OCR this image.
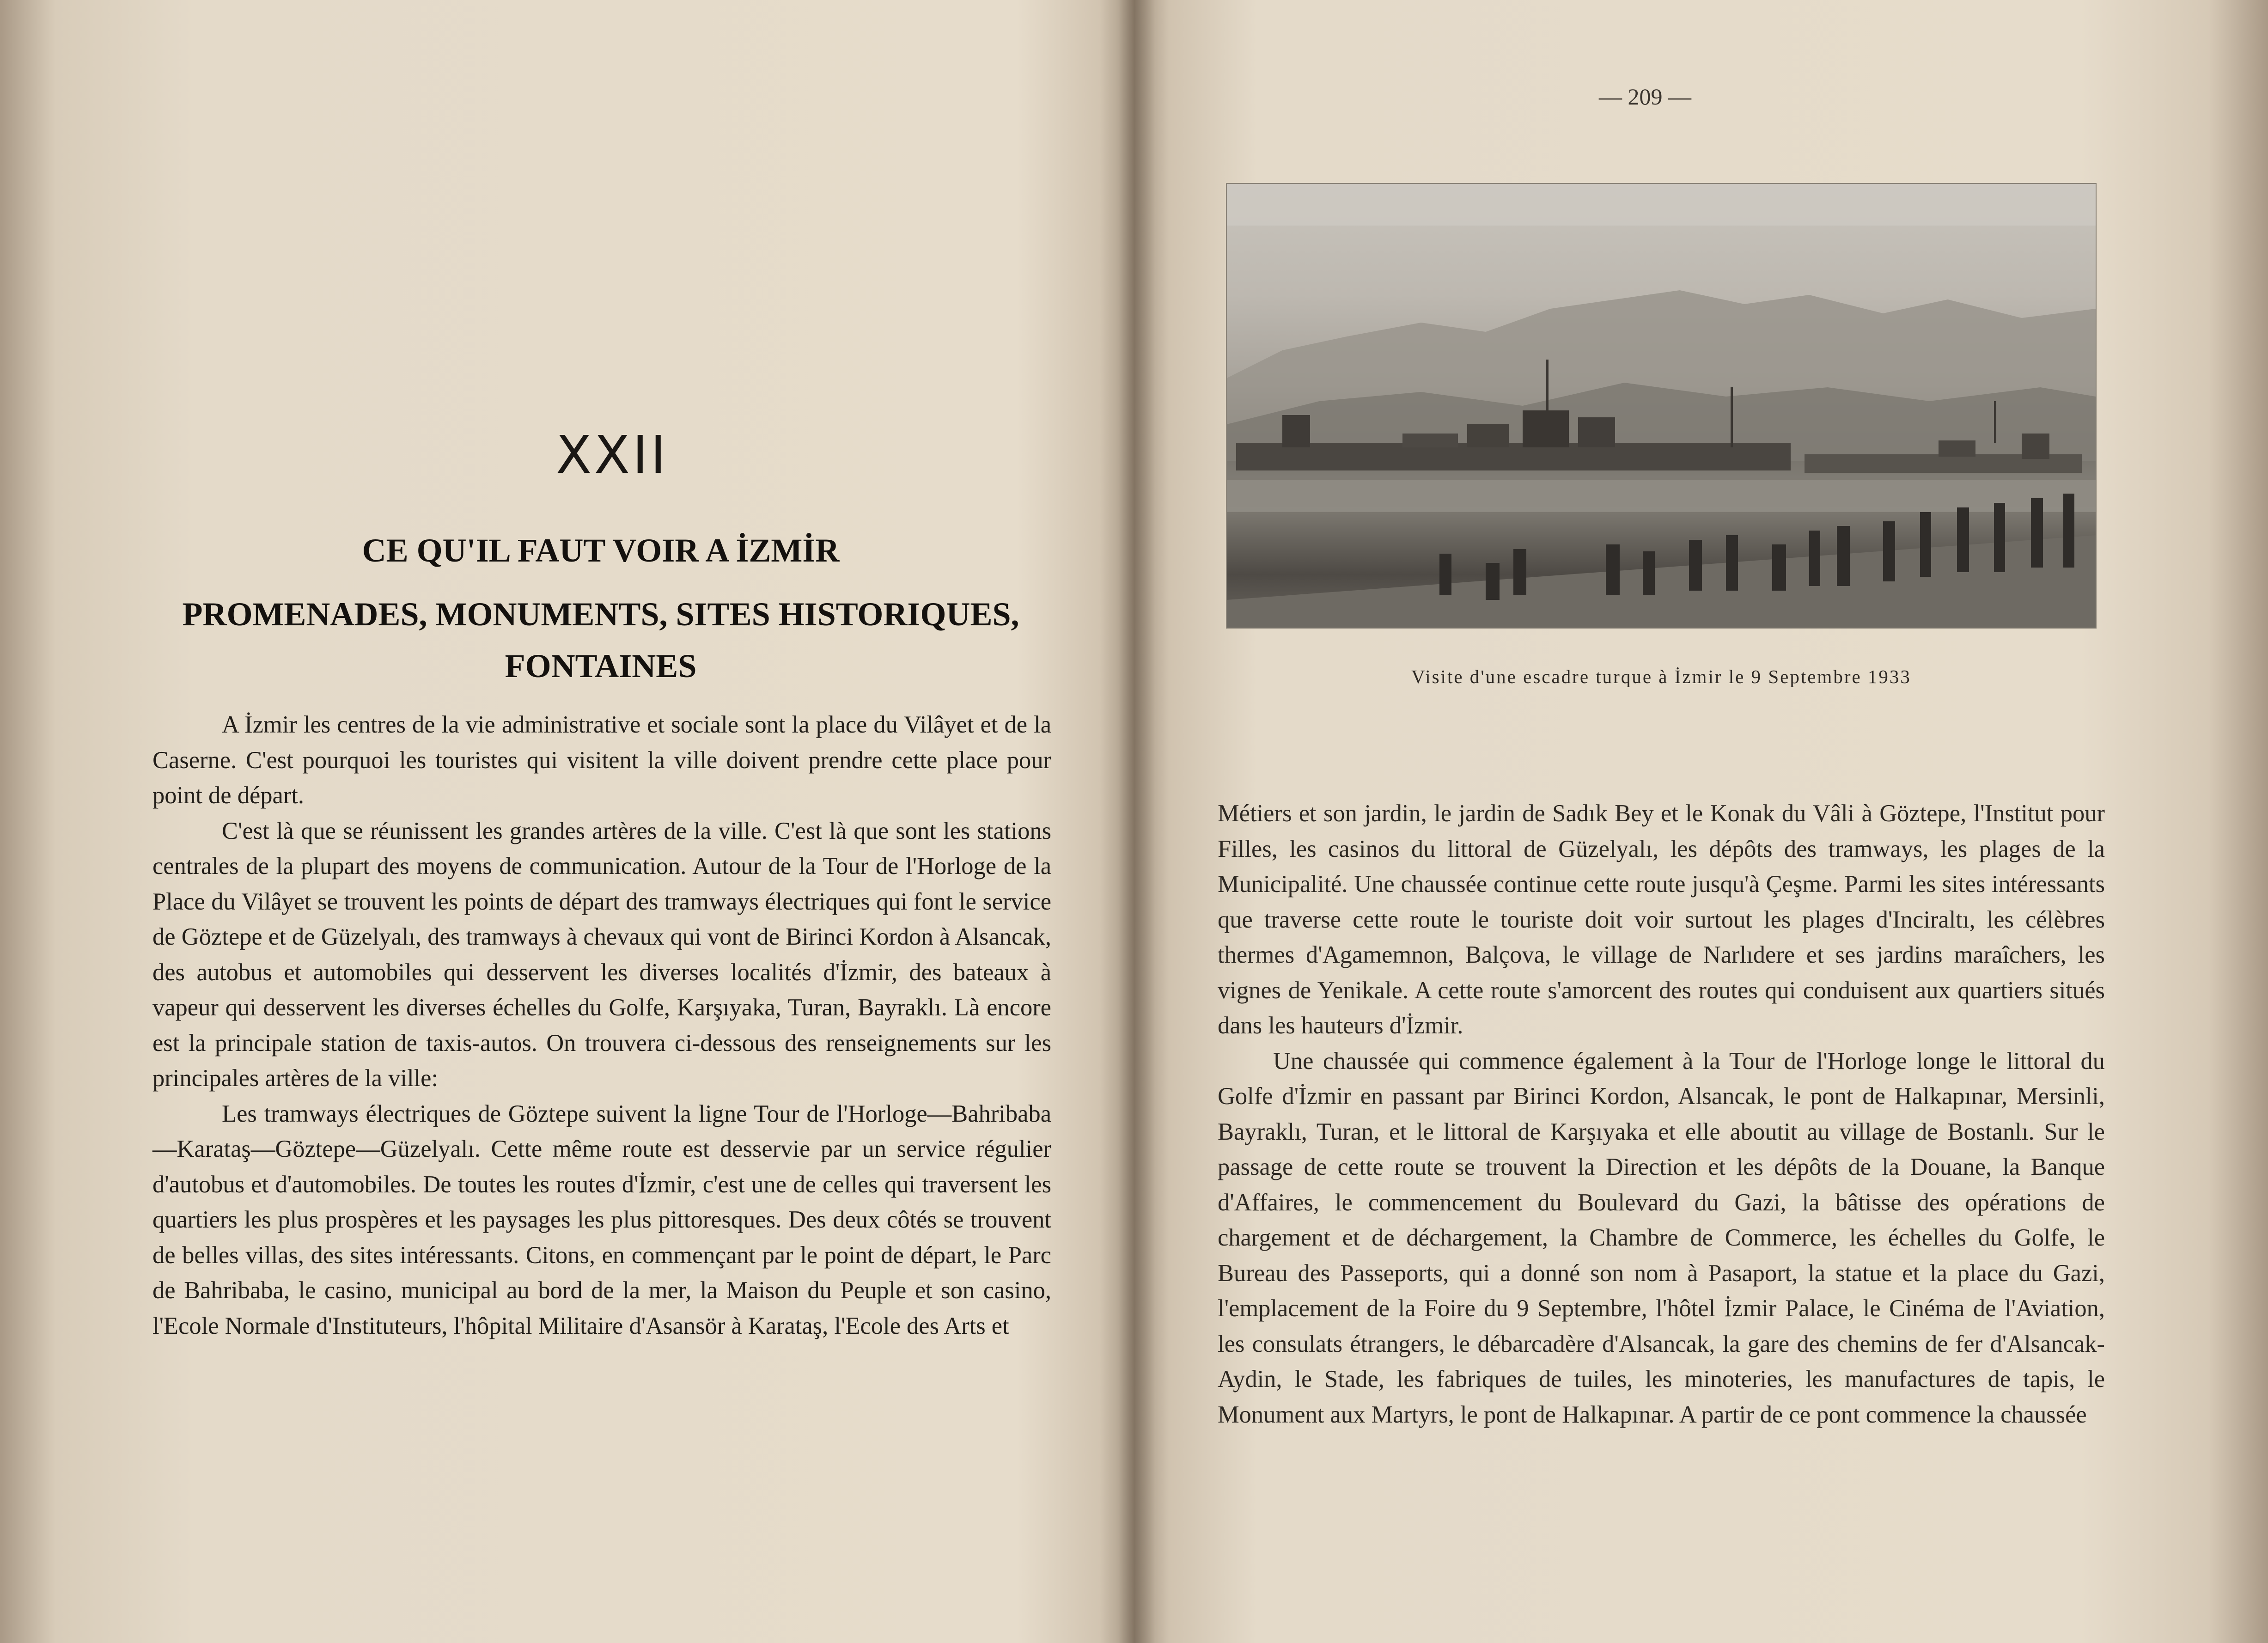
XXII
CE QU'IL FAUT VOIR A İZMİR
PROMENADES, MONUMENTS, SITES HISTORIQUES,
FONTAINES

A İzmir les centres de la vie administrative et sociale sont la place du Vilâyet et de la Caserne. C'est pourquoi les touristes qui visitent la ville doivent prendre cette place pour point de départ.

C'est là que se réunissent les grandes artères de la ville. C'est là que sont les stations centrales de la plupart des moyens de communication. Autour de la Tour de l'Horloge de la Place du Vilâyet se trouvent les points de départ des tramways électriques qui font le service de Göztepe et de Güzelyalı, des tramways à chevaux qui vont de Birinci Kordon à Alsancak, des autobus et automobiles qui desservent les diverses localités d'İzmir, des bateaux à vapeur qui desservent les diverses échelles du Golfe, Karşıyaka, Turan, Bayraklı. Là encore est la principale station de taxis-autos. On trouvera ci-dessous des renseignements sur les principales artères de la ville:

Les tramways électriques de Göztepe suivent la ligne Tour de l'Horloge—Bahribaba—Karataş—Göztepe—Güzelyalı. Cette même route est desservie par un service régulier d'autobus et d'automobiles. De toutes les routes d'İzmir, c'est une de celles qui traversent les quartiers les plus prospères et les paysages les plus pittoresques. Des deux côtés se trouvent de belles villas, des sites intéressants. Citons, en commençant par le point de départ, le Parc de Bahribaba, le casino, municipal au bord de la mer, la Maison du Peuple et son casino, l'Ecole Normale d'Instituteurs, l'hôpital Militaire d'Asansör à Karataş, l'Ecole des Arts et

— 209 —
Visite d'une escadre turque à İzmir le 9 Septembre 1933

Métiers et son jardin, le jardin de Sadık Bey et le Konak du Vâli à Göztepe, l'Institut pour Filles, les casinos du littoral de Güzelyalı, les dépôts des tramways, les plages de la Municipalité. Une chaussée continue cette route jusqu'à Çeşme. Parmi les sites intéressants que traverse cette route le touriste doit voir surtout les plages d'Inciraltı, les célèbres thermes d'Agamemnon, Balçova, le village de Narlıdere et ses jardins maraîchers, les vignes de Yenikale. A cette route s'amorcent des routes qui conduisent aux quartiers situés dans les hauteurs d'İzmir.

Une chaussée qui commence également à la Tour de l'Horloge longe le littoral du Golfe d'İzmir en passant par Birinci Kordon, Alsancak, le pont de Halkapınar, Mersinli, Bayraklı, Turan, et le littoral de Karşıyaka et elle aboutit au village de Bostanlı. Sur le passage de cette route se trouvent la Direction et les dépôts de la Douane, la Banque d'Affaires, le commencement du Boulevard du Gazi, la bâtisse des opérations de chargement et de déchargement, la Chambre de Commerce, les échelles du Golfe, le Bureau des Passeports, qui a donné son nom à Pasaport, la statue et la place du Gazi, l'emplacement de la Foire du 9 Septembre, l'hôtel İzmir Palace, le Cinéma de l'Aviation, les consulats étrangers, le débarcadère d'Alsancak, la gare des chemins de fer d'Alsancak-Aydin, le Stade, les fabriques de tuiles, les minoteries, les manufactures de tapis, le Monument aux Martyrs, le pont de Halkapınar. A partir de ce pont commence la chaussée
